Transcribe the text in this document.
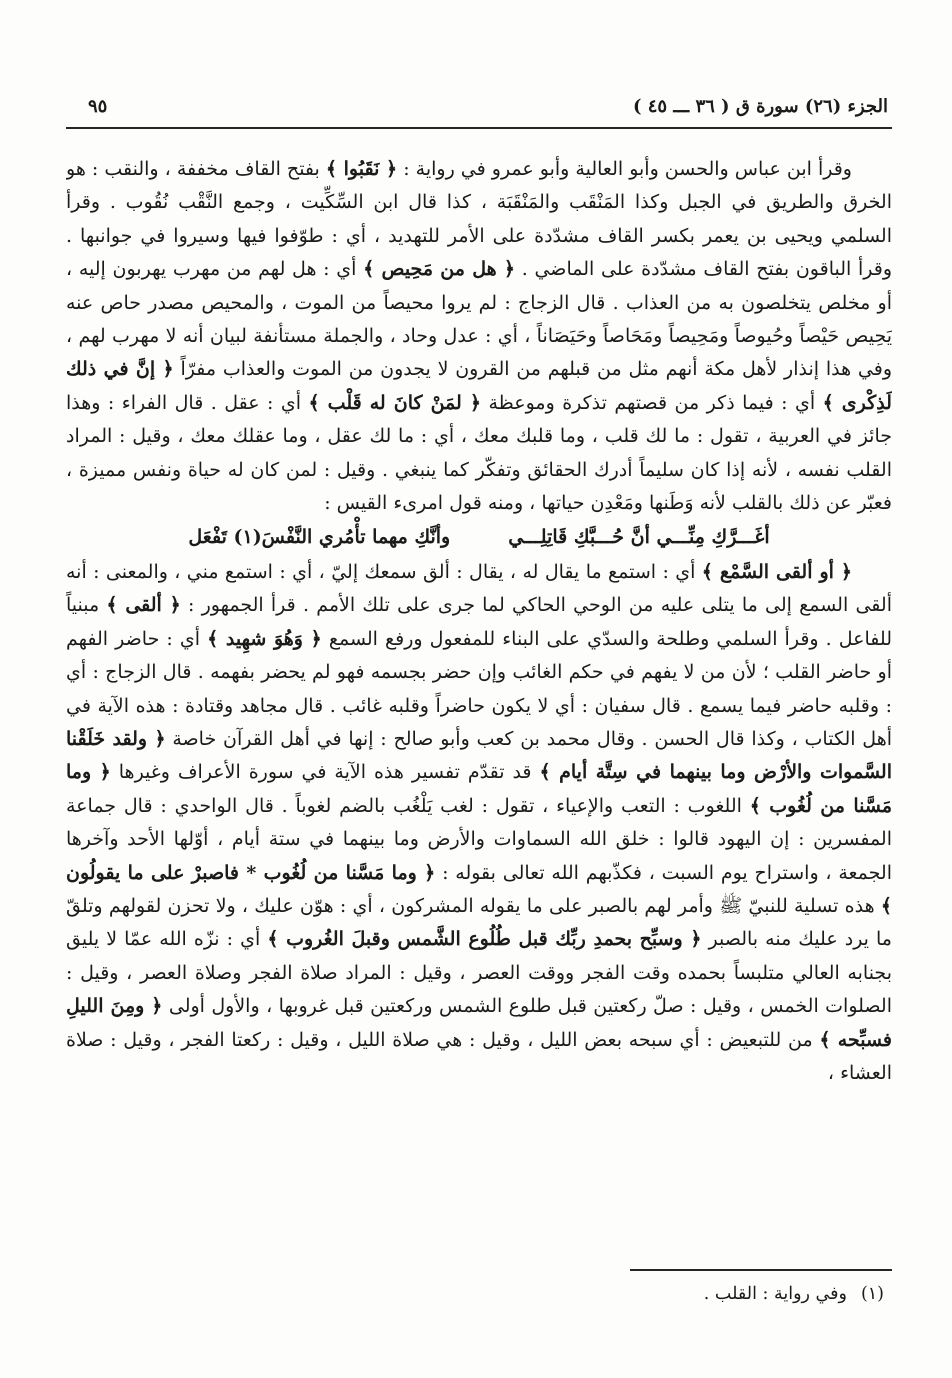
الجزء (٢٦) سورة ق ( ٣٦ ـــ ٤٥ )
٩٥

وقرأ ابن عباس والحسن وأبو العالية وأبو عمرو في رواية : ﴿ نَقَبُوا ﴾ بفتح القاف مخففة ، والنقب : هو الخرق والطريق في الجبل وكذا المَنْقَب والمَنْقَبَة ، كذا قال ابن السِّكِّيت ، وجمع النَّقْب نُقُوب . وقرأ السلمي ويحيى بن يعمر بكسر القاف مشدّدة على الأمر للتهديد ، أي : طوّفوا فيها وسيروا في جوانبها . وقرأ الباقون بفتح القاف مشدّدة على الماضي . ﴿ هل من مَحِيص ﴾ أي : هل لهم من مهرب يهربون إليه ، أو مخلص يتخلصون به من العذاب . قال الزجاج : لم يروا محيصاً من الموت ، والمحيص مصدر حاص عنه يَحِيص حَيْصاً وحُيوصاً ومَحِيصاً ومَحَاصاً وحَيَصَاناً ، أي : عدل وحاد ، والجملة مستأنفة لبيان أنه لا مهرب لهم ، وفي هذا إنذار لأهل مكة أنهم مثل من قبلهم من القرون لا يجدون من الموت والعذاب مفرّاً ﴿ إنَّ في ذلك لَذِكْرى ﴾ أي : فيما ذكر من قصتهم تذكرة وموعظة ﴿ لمَنْ كانَ له قَلْب ﴾ أي : عقل . قال الفراء : وهذا جائز في العربية ، تقول : ما لك قلب ، وما قلبك معك ، أي : ما لك عقل ، وما عقلك معك ، وقيل : المراد القلب نفسه ، لأنه إذا كان سليماً أدرك الحقائق وتفكّر كما ينبغي . وقيل : لمن كان له حياة ونفس مميزة ، فعبّر عن ذلك بالقلب لأنه وَطَنها ومَعْدِن حياتها ، ومنه قول امرىء القيس :

أغَـــرَّكِ مِنِّـــي أنَّ حُـــبَّكِ قَاتِلِـــي
وأنَّكِ مهما تأْمُري النَّفْسَ(١) تَفْعَل

﴿ أو ألقى السَّمْع ﴾ أي : استمع ما يقال له ، يقال : ألق سمعك إليّ ، أي : استمع مني ، والمعنى : أنه ألقى السمع إلى ما يتلى عليه من الوحي الحاكي لما جرى على تلك الأمم . قرأ الجمهور : ﴿ ألقى ﴾ مبنياً للفاعل . وقرأ السلمي وطلحة والسدّي على البناء للمفعول ورفع السمع ﴿ وَهُوَ شهِيد ﴾ أي : حاضر الفهم أو حاضر القلب ؛ لأن من لا يفهم في حكم الغائب وإن حضر بجسمه فهو لم يحضر بفهمه . قال الزجاج : أي : وقلبه حاضر فيما يسمع . قال سفيان : أي لا يكون حاضراً وقلبه غائب . قال مجاهد وقتادة : هذه الآية في أهل الكتاب ، وكذا قال الحسن . وقال محمد بن كعب وأبو صالح : إنها في أهل القرآن خاصة ﴿ ولقد خَلَقْنا السَّموات والأرْض وما بينهما في سِتَّة أيام ﴾ قد تقدّم تفسير هذه الآية في سورة الأعراف وغيرها ﴿ وما مَسَّنا من لُغُوب ﴾ اللغوب : التعب والإعياء ، تقول : لغب يَلْغُب بالضم لغوباً . قال الواحدي : قال جماعة المفسرين : إن اليهود قالوا : خلق الله السماوات والأرض وما بينهما في ستة أيام ، أوّلها الأحد وآخرها الجمعة ، واستراح يوم السبت ، فكذّبهم الله تعالى بقوله : ﴿ وما مَسَّنا من لُغُوب * فاصبرْ على ما يقولُون ﴾ هذه تسلية للنبيّ ﷺ وأمر لهم بالصبر على ما يقوله المشركون ، أي : هوّن عليك ، ولا تحزن لقولهم وتلقّ ما يرد عليك منه بالصبر ﴿ وسبِّح بحمدِ ربِّك قبل طُلُوع الشَّمس وقبلَ الغُروب ﴾ أي : نزّه الله عمّا لا يليق بجنابه العالي متلبساً بحمده وقت الفجر ووقت العصر ، وقيل : المراد صلاة الفجر وصلاة العصر ، وقيل : الصلوات الخمس ، وقيل : صلّ ركعتين قبل طلوع الشمس وركعتين قبل غروبها ، والأول أولى ﴿ ومِنَ الليلِ فسبِّحه ﴾ من للتبعيض : أي سبحه بعض الليل ، وقيل : هي صلاة الليل ، وقيل : ركعتا الفجر ، وقيل : صلاة العشاء ،

(١)
وفي رواية : القلب .
